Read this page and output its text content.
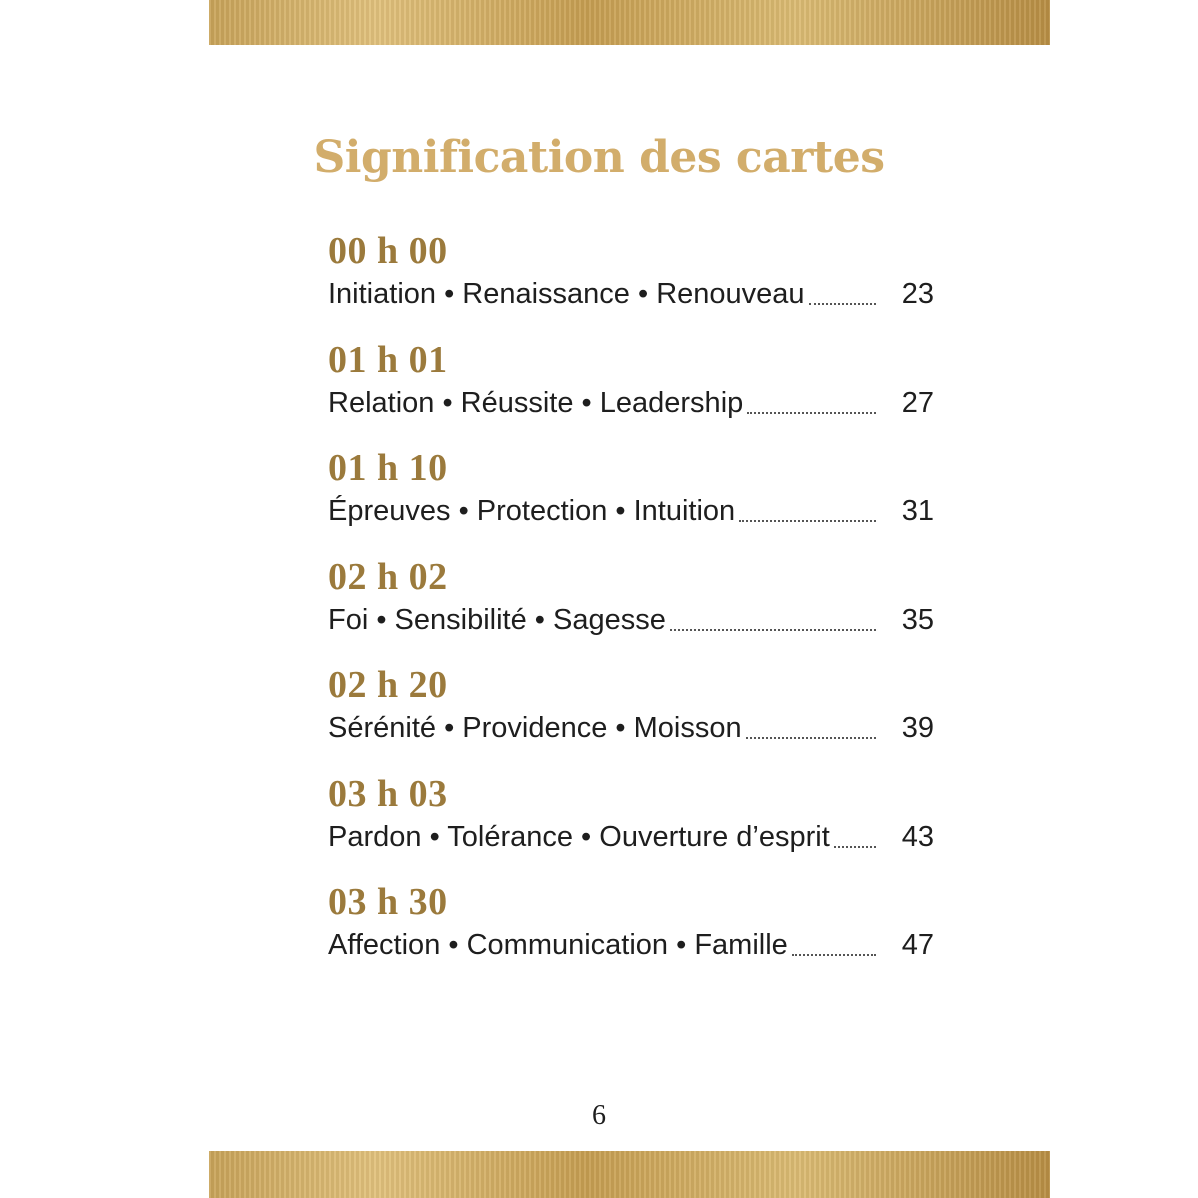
Signification des cartes
00 h 00
Initiation • Renaissance • Renouveau	23
01 h 01
Relation • Réussite • Leadership	27
01 h 10
Épreuves • Protection • Intuition	31
02 h 02
Foi • Sensibilité • Sagesse	35
02 h 20
Sérénité • Providence • Moisson	39
03 h 03
Pardon • Tolérance • Ouverture d’esprit	43
03 h 30
Affection • Communication • Famille	47
6
